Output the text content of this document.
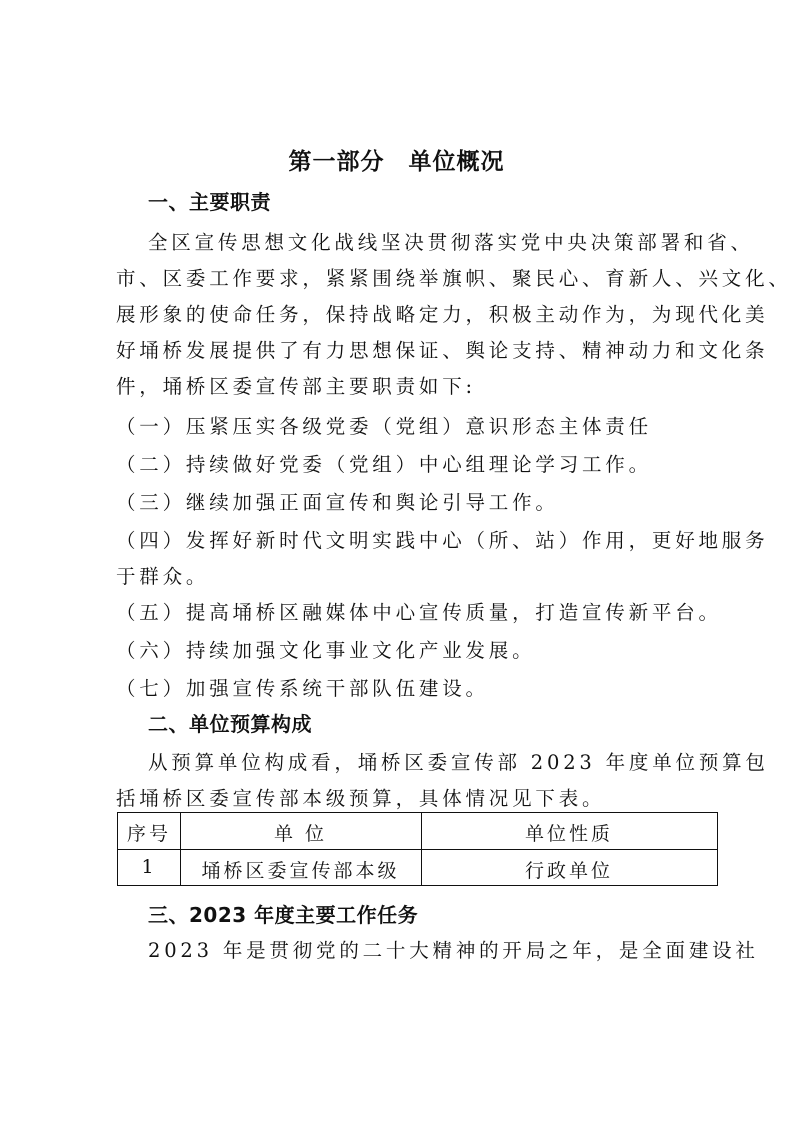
第一部分 单位概况
一、主要职责
全区宣传思想文化战线坚决贯彻落实党中央决策部署和省、
市、区委工作要求，紧紧围绕举旗帜、聚民心、育新人、兴文化、
展形象的使命任务，保持战略定力，积极主动作为，为现代化美
好埇桥发展提供了有力思想保证、舆论支持、精神动力和文化条
件，埇桥区委宣传部主要职责如下:
（一）压紧压实各级党委（党组）意识形态主体责任
（二）持续做好党委（党组）中心组理论学习工作。
（三）继续加强正面宣传和舆论引导工作。
（四）发挥好新时代文明实践中心（所、站）作用，更好地服务
于群众。
（五）提高埇桥区融媒体中心宣传质量，打造宣传新平台。
（六）持续加强文化事业文化产业发展。
（七）加强宣传系统干部队伍建设。
二、单位预算构成
从预算单位构成看，埇桥区委宣传部 2023 年度单位预算包
括埇桥区委宣传部本级预算，具体情况见下表。
序号	单 位	单位性质
1	埇桥区委宣传部本级	行政单位
三、2023 年度主要工作任务
2023 年是贯彻党的二十大精神的开局之年，是全面建设社
